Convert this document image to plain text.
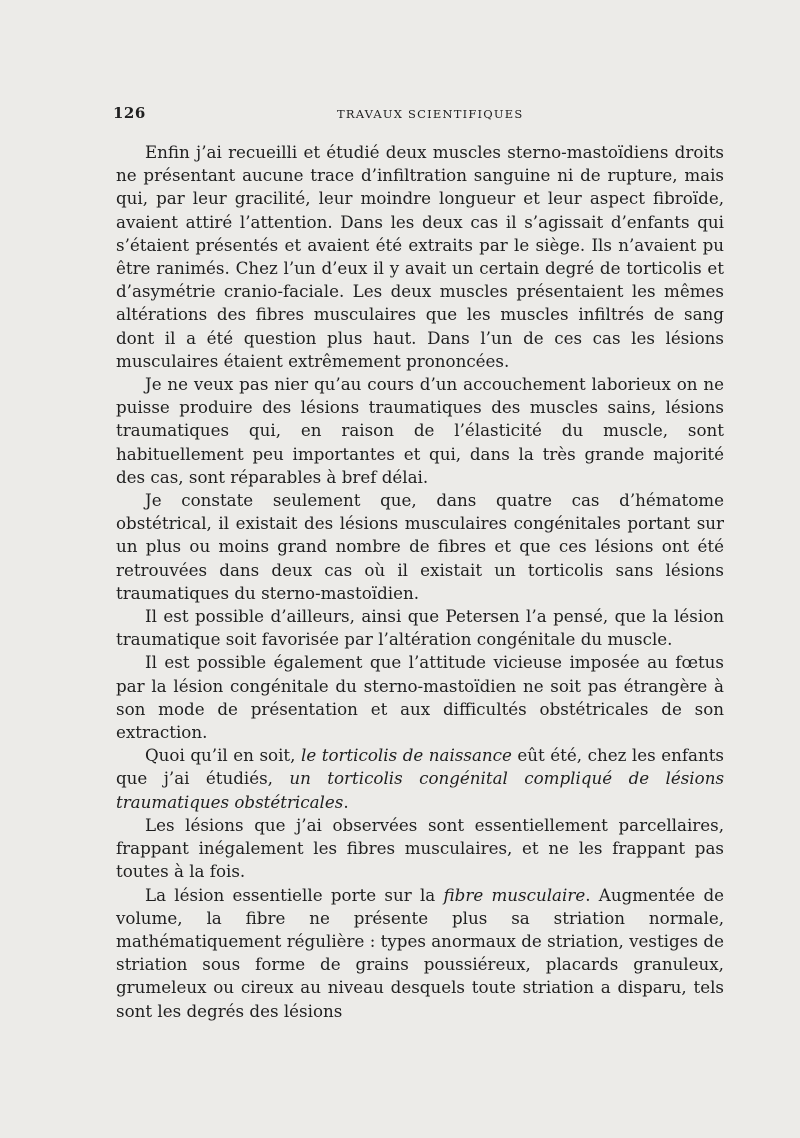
126	TRAVAUX SCIENTIFIQUES

Enfin j’ai recueilli et étudié deux muscles sterno-mastoïdiens droits ne présentant aucune trace d’infiltration sanguine ni de rupture, mais qui, par leur gracilité, leur moindre longueur et leur aspect fibroïde, avaient attiré l’attention. Dans les deux cas il s’agissait d’enfants qui s’étaient présentés et avaient été extraits par le siège. Ils n’avaient pu être ranimés. Chez l’un d’eux il y avait un certain degré de torticolis et d’asymétrie cranio-faciale. Les deux muscles présentaient les mêmes altérations des fibres musculaires que les muscles infiltrés de sang dont il a été question plus haut. Dans l’un de ces cas les lésions musculaires étaient extrêmement prononcées.

Je ne veux pas nier qu’au cours d’un accouchement laborieux on ne puisse produire des lésions traumatiques des muscles sains, lésions traumatiques qui, en raison de l’élasticité du muscle, sont habituellement peu importantes et qui, dans la très grande majorité des cas, sont réparables à bref délai.

Je constate seulement que, dans quatre cas d’hématome obstétrical, il existait des lésions musculaires congénitales portant sur un plus ou moins grand nombre de fibres et que ces lésions ont été retrouvées dans deux cas où il existait un torticolis sans lésions traumatiques du sterno-mastoïdien.

Il est possible d’ailleurs, ainsi que Petersen l’a pensé, que la lésion traumatique soit favorisée par l’altération congénitale du muscle.

Il est possible également que l’attitude vicieuse imposée au fœtus par la lésion congénitale du sterno-mastoïdien ne soit pas étrangère à son mode de présentation et aux difficultés obstétricales de son extraction.

Quoi qu’il en soit, le torticolis de naissance eût été, chez les enfants que j’ai étudiés, un torticolis congénital compliqué de lésions traumatiques obstétricales.

Les lésions que j’ai observées sont essentiellement parcellaires, frappant inégalement les fibres musculaires, et ne les frappant pas toutes à la fois.

La lésion essentielle porte sur la fibre musculaire. Augmentée de volume, la fibre ne présente plus sa striation normale, mathématiquement régulière : types anormaux de striation, vestiges de striation sous forme de grains poussiéreux, placards granuleux, grumeleux ou cireux au niveau desquels toute striation a disparu, tels sont les degrés des lésions
